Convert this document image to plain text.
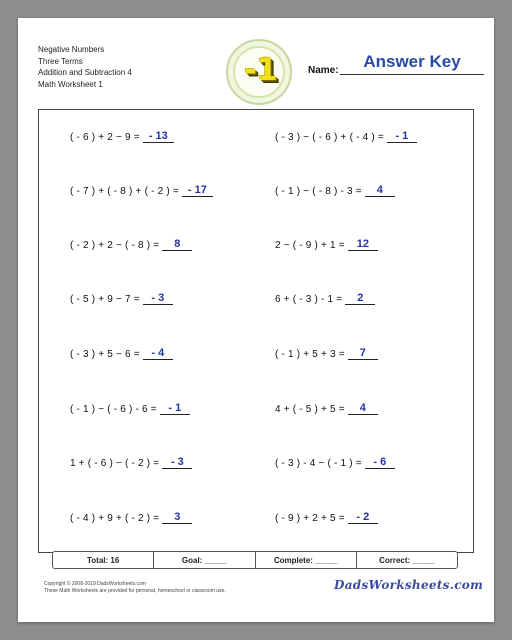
Negative Numbers
Three Terms
Addition and Subtraction 4
Math Worksheet 1	-1	Name:	Answer Key
( - 6 ) + 2 − 9 = - 13	( - 3 ) − ( - 6 ) + ( - 4 ) =	- 1
( - 7 ) + ( - 8 ) + ( - 2 ) = - 17	( - 1 ) − ( - 8 ) - 3 =	4
( - 2 ) + 2 − ( - 8 ) =	8	2 − ( - 9 ) + 1 =	12
( - 5 ) + 9 − 7 =	- 3	6 + ( - 3 ) - 1 =	2
( - 3 ) + 5 − 6 =	- 4	( - 1 ) + 5 + 3 =	7
( - 1 ) − ( - 6 ) - 6 =	- 1	4 + ( - 5 ) + 5 =	4
1 + ( - 6 ) − ( - 2 ) =	- 3	( - 3 ) - 4 − ( - 1 ) =	- 6
( - 4 ) + 9 + ( - 2 ) =	3	( - 9 ) + 2 + 5 =	- 2
Total: 16	Goal: _____	Complete: _____	Correct: _____
Copyright © 2008-2019 DadsWorksheets.com
These Math Worksheets are provided for personal, homeschool or classroom use.	DadsWorksheets.com
